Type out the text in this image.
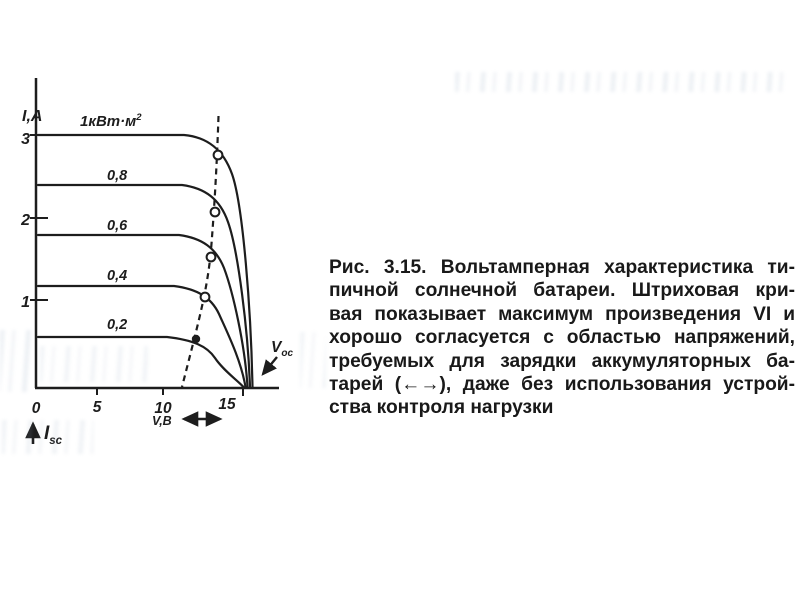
I,A
3
2
1
$1кВт\cdot м^2$
0,8
0,6
0,4
0,2
0	5	10	15
V,В
$V_{oc}$
$I_{sc}$
Рис. 3.15. Вольтамперная характеристика ти-
пичной солнечной батареи. Штриховая кри-
вая показывает максимум произведения VI и
хорошо согласуется с областью напряжений,
требуемых для зарядки аккумуляторных ба-
тарей (←→), даже без использования устрой-
ства контроля нагрузки
